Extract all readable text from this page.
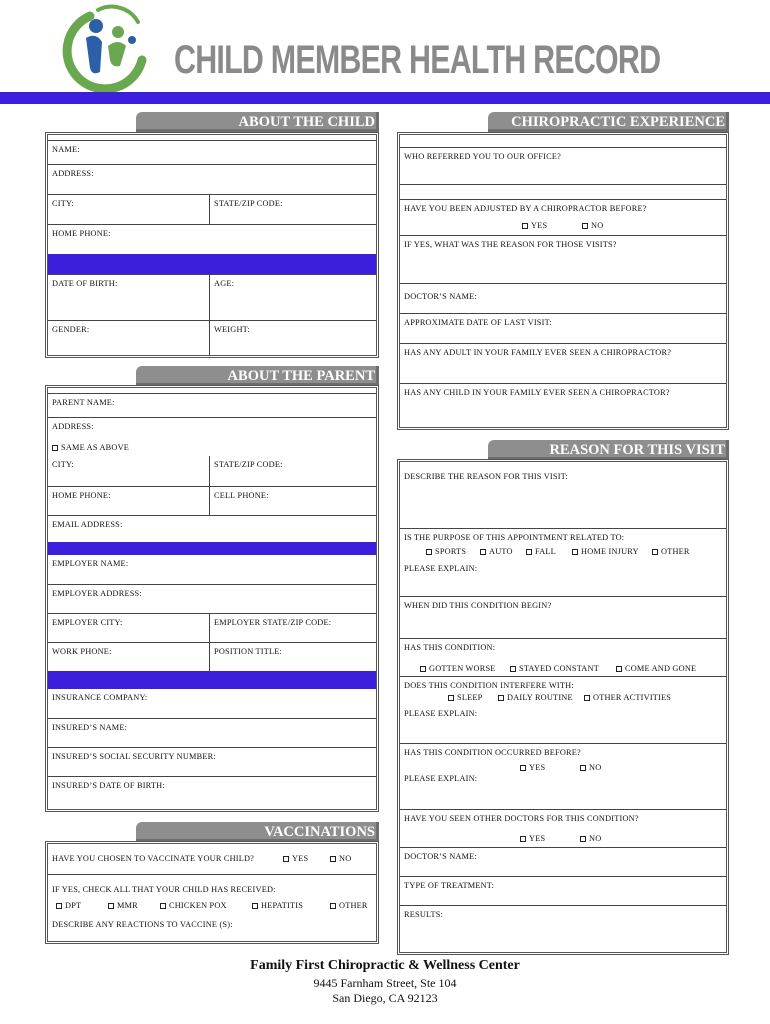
CHILD MEMBER HEALTH RECORD
ABOUT THE CHILD
NAME:
ADDRESS:
CITY:	STATE/ZIP CODE:
HOME PHONE:
DATE OF BIRTH:	AGE:
GENDER:	WEIGHT:
ABOUT THE PARENT
PARENT NAME:
ADDRESS:
SAME AS ABOVE
CITY:	STATE/ZIP CODE:
HOME PHONE:	CELL PHONE:
EMAIL ADDRESS:
EMPLOYER NAME:
EMPLOYER ADDRESS:
EMPLOYER CITY:	EMPLOYER STATE/ZIP CODE:
WORK PHONE:	POSITION TITLE:
INSURANCE COMPANY:
INSURED’S NAME:
INSURED’S SOCIAL SECURITY NUMBER:
INSURED’S DATE OF BIRTH:
VACCINATIONS
HAVE YOU CHOSEN TO VACCINATE YOUR CHILD?	YES	NO
IF YES, CHECK ALL THAT YOUR CHILD HAS RECEIVED:
DPT	MMR	CHICKEN POX	HEPATITIS	OTHER
DESCRIBE ANY REACTIONS TO VACCINE (S):
CHIROPRACTIC EXPERIENCE
WHO REFERRED YOU TO OUR OFFICE?
HAVE YOU BEEN ADJUSTED BY A CHIROPRACTOR BEFORE?
YES	NO
IF YES, WHAT WAS THE REASON FOR THOSE VISITS?
DOCTOR’S NAME:
APPROXIMATE DATE OF LAST VISIT:
HAS ANY ADULT IN YOUR FAMILY EVER SEEN A CHIROPRACTOR?
HAS ANY CHILD IN YOUR FAMILY EVER SEEN A CHIROPRACTOR?
REASON FOR THIS VISIT
DESCRIBE THE REASON FOR THIS VISIT:
IS THE PURPOSE OF THIS APPOINTMENT RELATED TO:
SPORTS	AUTO	FALL	HOME INJURY	OTHER
PLEASE EXPLAIN:
WHEN DID THIS CONDITION BEGIN?
HAS THIS CONDITION:
GOTTEN WORSE	STAYED CONSTANT	COME AND GONE
DOES THIS CONDITION INTERFERE WITH:
SLEEP	DAILY ROUTINE	OTHER ACTIVITIES
PLEASE EXPLAIN:
HAS THIS CONDITION OCCURRED BEFORE?
YES	NO
PLEASE EXPLAIN:
HAVE YOU SEEN OTHER DOCTORS FOR THIS CONDITION?
YES	NO
DOCTOR’S NAME:
TYPE OF TREATMENT:
RESULTS:
Family First Chiropractic & Wellness Center
9445 Farnham Street, Ste 104
San Diego, CA 92123
